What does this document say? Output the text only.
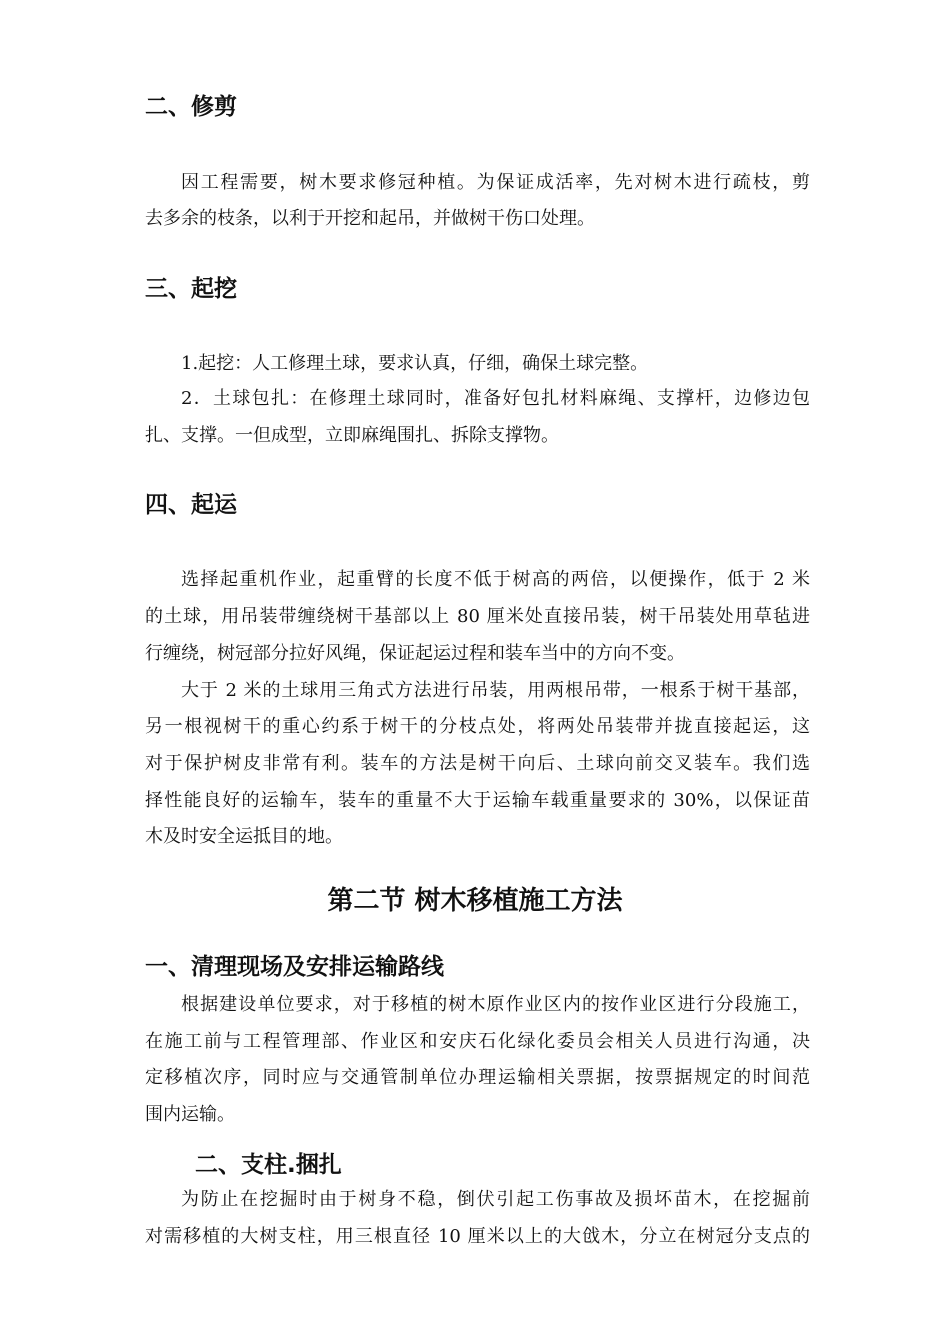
二、修剪
因工程需要，树木要求修冠种植。为保证成活率，先对树木进行疏枝，剪
去多余的枝条，以利于开挖和起吊，并做树干伤口处理。
三、起挖
1.起挖：人工修理土球，要求认真，仔细，确保土球完整。
2．土球包扎：在修理土球同时，准备好包扎材料麻绳、支撑杆，边修边包
扎、支撑。一但成型，立即麻绳围扎、拆除支撑物。
四、起运
选择起重机作业，起重臂的长度不低于树高的两倍，以便操作，低于 2 米
的土球，用吊装带缠绕树干基部以上 80 厘米处直接吊装，树干吊装处用草毡进
行缠绕，树冠部分拉好风绳，保证起运过程和装车当中的方向不变。
大于 2 米的土球用三角式方法进行吊装，用两根吊带，一根系于树干基部，
另一根视树干的重心约系于树干的分枝点处，将两处吊装带并拢直接起运，这
对于保护树皮非常有利。装车的方法是树干向后、土球向前交叉装车。我们选
择性能良好的运输车，装车的重量不大于运输车载重量要求的 30%，以保证苗
木及时安全运抵目的地。
第二节 树木移植施工方法
一、清理现场及安排运输路线
根据建设单位要求，对于移植的树木原作业区内的按作业区进行分段施工，
在施工前与工程管理部、作业区和安庆石化绿化委员会相关人员进行沟通，决
定移植次序，同时应与交通管制单位办理运输相关票据，按票据规定的时间范
围内运输。
二、支柱.捆扎
为防止在挖掘时由于树身不稳，倒伏引起工伤事故及损坏苗木，在挖掘前
对需移植的大树支柱，用三根直径 10 厘米以上的大戗木，分立在树冠分支点的
